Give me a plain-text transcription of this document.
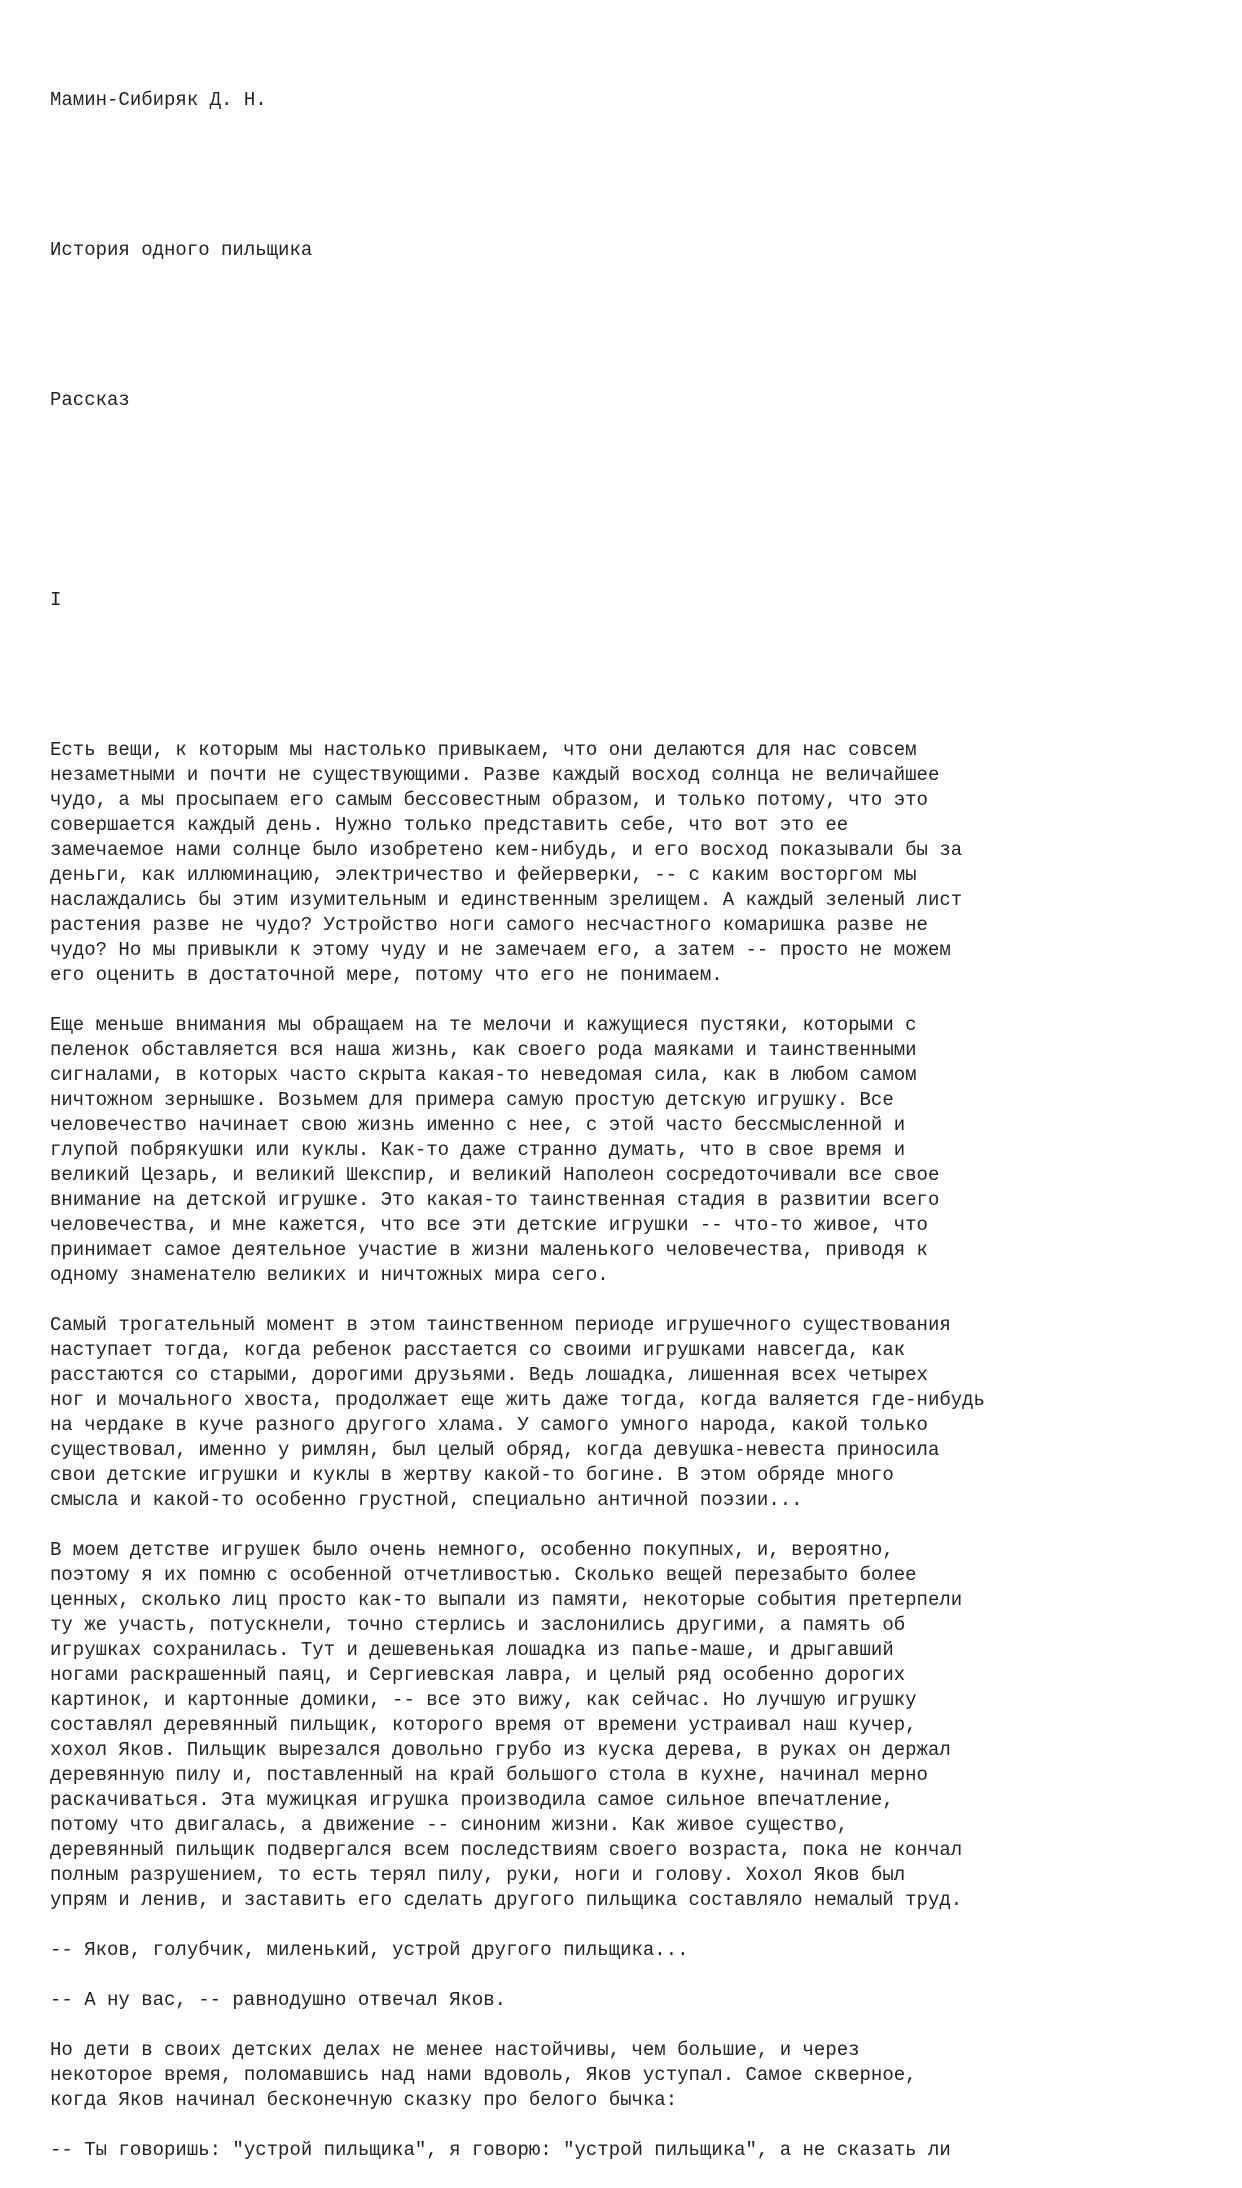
Мамин-Сибиряк Д. Н.

История одного пильщика

Рассказ

I

Есть вещи, к которым мы настолько привыкаем, что они делаются для нас совсем
незаметными и почти не существующими. Разве каждый восход солнца не величайшее
чудо, а мы просыпаем его самым бессовестным образом, и только потому, что это
совершается каждый день. Нужно только представить себе, что вот это ее
замечаемое нами солнце было изобретено кем-нибудь, и его восход показывали бы за
деньги, как иллюминацию, электричество и фейерверки, -- с каким восторгом мы
наслаждались бы этим изумительным и единственным зрелищем. А каждый зеленый лист
растения разве не чудо? Устройство ноги самого несчастного комаришка разве не
чудо? Но мы привыкли к этому чуду и не замечаем его, а затем -- просто не можем
его оценить в достаточной мере, потому что его не понимаем.
Еще меньше внимания мы обращаем на те мелочи и кажущиеся пустяки, которыми с
пеленок обставляется вся наша жизнь, как своего рода маяками и таинственными
сигналами, в которых часто скрыта какая-то неведомая сила, как в любом самом
ничтожном зернышке. Возьмем для примера самую простую детскую игрушку. Все
человечество начинает свою жизнь именно с нее, с этой часто бессмысленной и
глупой побрякушки или куклы. Как-то даже странно думать, что в свое время и
великий Цезарь, и великий Шекспир, и великий Наполеон сосредоточивали все свое
внимание на детской игрушке. Это какая-то таинственная стадия в развитии всего
человечества, и мне кажется, что все эти детские игрушки -- что-то живое, что
принимает самое деятельное участие в жизни маленького человечества, приводя к
одному знаменателю великих и ничтожных мира сего.
Самый трогательный момент в этом таинственном периоде игрушечного существования
наступает тогда, когда ребенок расстается со своими игрушками навсегда, как
расстаются со старыми, дорогими друзьями. Ведь лошадка, лишенная всех четырех
ног и мочального хвоста, продолжает еще жить даже тогда, когда валяется где-нибудь
на чердаке в куче разного другого хлама. У самого умного народа, какой только
существовал, именно у римлян, был целый обряд, когда девушка-невеста приносила
свои детские игрушки и куклы в жертву какой-то богине. В этом обряде много
смысла и какой-то особенно грустной, специально античной поэзии...
В моем детстве игрушек было очень немного, особенно покупных, и, вероятно,
поэтому я их помню с особенной отчетливостью. Сколько вещей перезабыто более
ценных, сколько лиц просто как-то выпали из памяти, некоторые события претерпели
ту же участь, потускнели, точно стерлись и заслонились другими, а память об
игрушках сохранилась. Тут и дешевенькая лошадка из папье-маше, и дрыгавший
ногами раскрашенный паяц, и Сергиевская лавра, и целый ряд особенно дорогих
картинок, и картонные домики, -- все это вижу, как сейчас. Но лучшую игрушку
составлял деревянный пильщик, которого время от времени устраивал наш кучер,
хохол Яков. Пильщик вырезался довольно грубо из куска дерева, в руках он держал
деревянную пилу и, поставленный на край большого стола в кухне, начинал мерно
раскачиваться. Эта мужицкая игрушка производила самое сильное впечатление,
потому что двигалась, а движение -- синоним жизни. Как живое существо,
деревянный пильщик подвергался всем последствиям своего возраста, пока не кончал
полным разрушением, то есть терял пилу, руки, ноги и голову. Хохол Яков был
упрям и ленив, и заставить его сделать другого пильщика составляло немалый труд.
-- Яков, голубчик, миленький, устрой другого пильщика...
-- А ну вас, -- равнодушно отвечал Яков.
Но дети в своих детских делах не менее настойчивы, чем большие, и через
некоторое время, поломавшись над нами вдоволь, Яков уступал. Самое скверное,
когда Яков начинал бесконечную сказку про белого бычка:
-- Ты говоришь: "устрой пильщика", я говорю: "устрой пильщика", а не сказать ли
